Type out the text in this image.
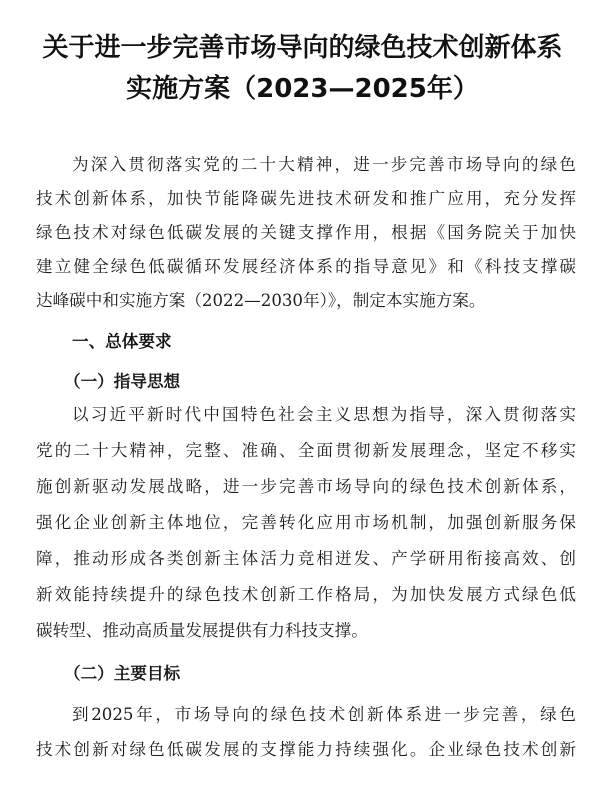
关于进一步完善市场导向的绿色技术创新体系
实施方案（2023—2025年）
为深入贯彻落实党的二十大精神，进一步完善市场导向的绿色
技术创新体系，加快节能降碳先进技术研发和推广应用，充分发挥
绿色技术对绿色低碳发展的关键支撑作用，根据《国务院关于加快
建立健全绿色低碳循环发展经济体系的指导意见》和《科技支撑碳
达峰碳中和实施方案（2022—2030年）》，制定本实施方案。
一、总体要求
（一）指导思想
以习近平新时代中国特色社会主义思想为指导，深入贯彻落实
党的二十大精神，完整、准确、全面贯彻新发展理念，坚定不移实
施创新驱动发展战略，进一步完善市场导向的绿色技术创新体系，
强化企业创新主体地位，完善转化应用市场机制，加强创新服务保
障，推动形成各类创新主体活力竞相迸发、产学研用衔接高效、创
新效能持续提升的绿色技术创新工作格局，为加快发展方式绿色低
碳转型、推动高质量发展提供有力科技支撑。
（二）主要目标
到2025年，市场导向的绿色技术创新体系进一步完善，绿色
技术创新对绿色低碳发展的支撑能力持续强化。企业绿色技术创新
